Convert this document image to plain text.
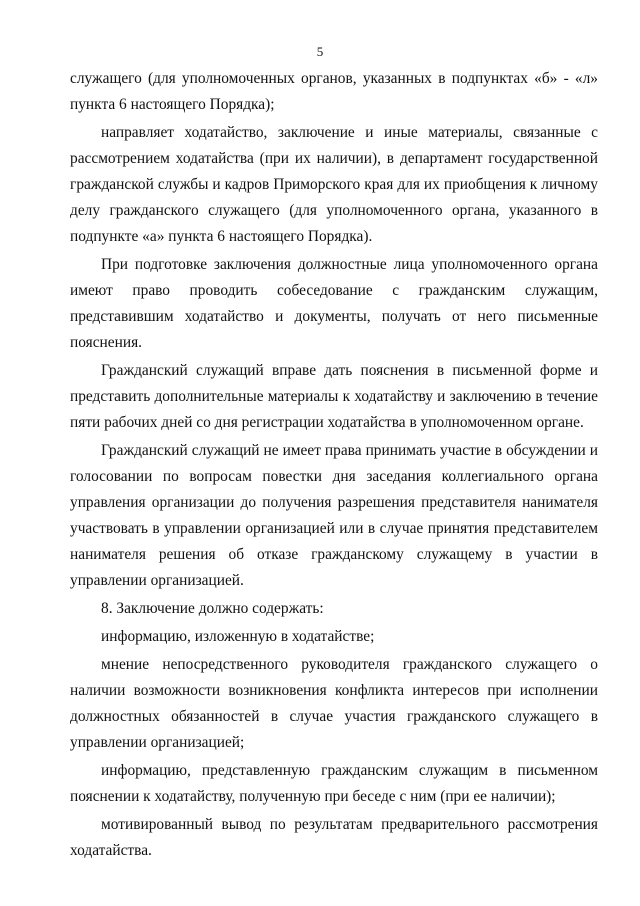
5

служащего (для уполномоченных органов, указанных в подпунктах «б» - «л» пункта 6 настоящего Порядка);

направляет ходатайство, заключение и иные материалы, связанные с рассмотрением ходатайства (при их наличии), в департамент государственной гражданской службы и кадров Приморского края для их приобщения к личному делу гражданского служащего (для уполномоченного органа, указанного в подпункте «а» пункта 6 настоящего Порядка).

При подготовке заключения должностные лица уполномоченного органа имеют право проводить собеседование с гражданским служащим, представившим ходатайство и документы, получать от него письменные пояснения.

Гражданский служащий вправе дать пояснения в письменной форме и представить дополнительные материалы к ходатайству и заключению в течение пяти рабочих дней со дня регистрации ходатайства в уполномоченном органе.

Гражданский служащий не имеет права принимать участие в обсуждении и голосовании по вопросам повестки дня заседания коллегиального органа управления организации до получения разрешения представителя нанимателя участвовать в управлении организацией или в случае принятия представителем нанимателя решения об отказе гражданскому служащему в участии в управлении организацией.

8. Заключение должно содержать:

информацию, изложенную в ходатайстве;

мнение непосредственного руководителя гражданского служащего о наличии возможности возникновения конфликта интересов при исполнении должностных обязанностей в случае участия гражданского служащего в управлении организацией;

информацию, представленную гражданским служащим в письменном пояснении к ходатайству, полученную при беседе с ним (при ее наличии);

мотивированный вывод по результатам предварительного рассмотрения ходатайства.
